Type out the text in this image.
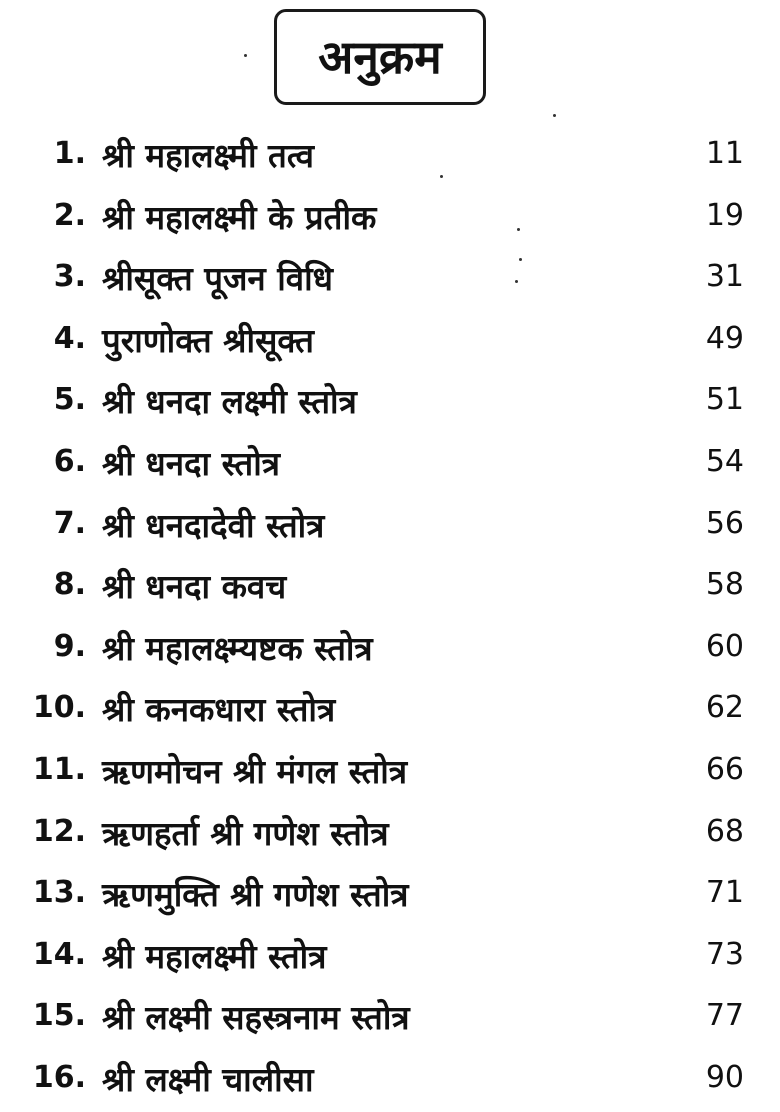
अनुक्रम
1. श्री महालक्ष्मी तत्व	11
2. श्री महालक्ष्मी के प्रतीक	19
3. श्रीसूक्त पूजन विधि	31
4. पुराणोक्त श्रीसूक्त	49
5. श्री धनदा लक्ष्मी स्तोत्र	51
6. श्री धनदा स्तोत्र	54
7. श्री धनदादेवी स्तोत्र	56
8. श्री धनदा कवच	58
9. श्री महालक्ष्म्यष्टक स्तोत्र	60
10. श्री कनकधारा स्तोत्र	62
11. ऋणमोचन श्री मंगल स्तोत्र	66
12. ऋणहर्ता श्री गणेश स्तोत्र	68
13. ऋणमुक्ति श्री गणेश स्तोत्र	71
14. श्री महालक्ष्मी स्तोत्र	73
15. श्री लक्ष्मी सहस्त्रनाम स्तोत्र	77
16. श्री लक्ष्मी चालीसा	90
